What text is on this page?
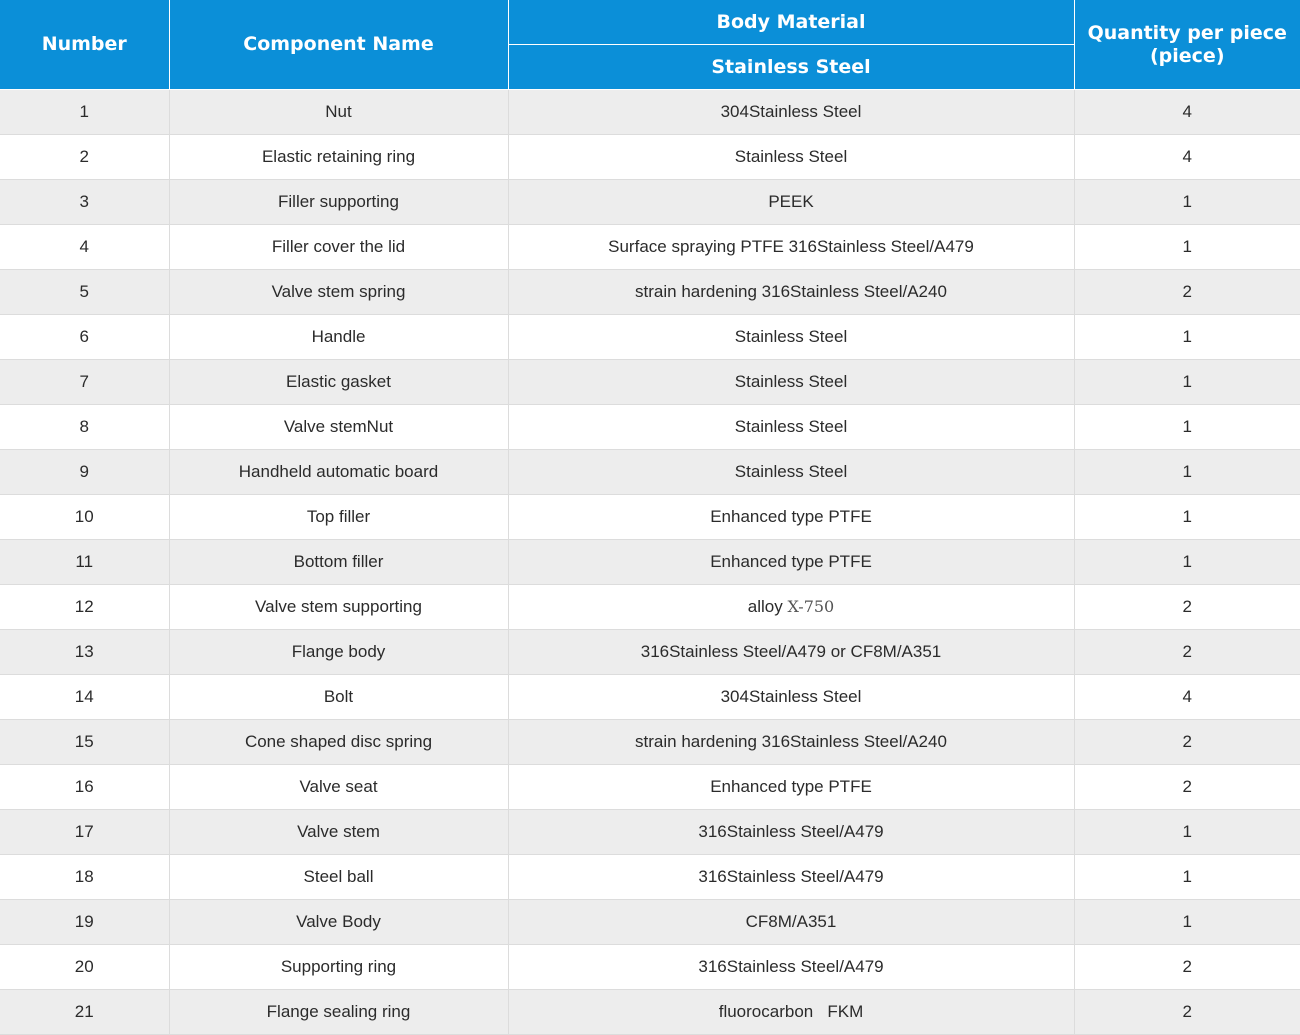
Number	Component Name	Body Material	Quantity per piece (piece)
		Stainless Steel	
1	Nut	304Stainless Steel	4
2	Elastic retaining ring	Stainless Steel	4
3	Filler supporting	PEEK	1
4	Filler cover the lid	Surface spraying PTFE 316Stainless Steel/A479	1
5	Valve stem spring	strain hardening 316Stainless Steel/A240	2
6	Handle	Stainless Steel	1
7	Elastic gasket	Stainless Steel	1
8	Valve stemNut	Stainless Steel	1
9	Handheld automatic board	Stainless Steel	1
10	Top filler	Enhanced type PTFE	1
11	Bottom filler	Enhanced type PTFE	1
12	Valve stem supporting	alloy X-750	2
13	Flange body	316Stainless Steel/A479 or CF8M/A351	2
14	Bolt	304Stainless Steel	4
15	Cone shaped disc spring	strain hardening 316Stainless Steel/A240	2
16	Valve seat	Enhanced type PTFE	2
17	Valve stem	316Stainless Steel/A479	1
18	Steel ball	316Stainless Steel/A479	1
19	Valve Body	CF8M/A351	1
20	Supporting ring	316Stainless Steel/A479	2
21	Flange sealing ring	fluorocarbon   FKM	2
